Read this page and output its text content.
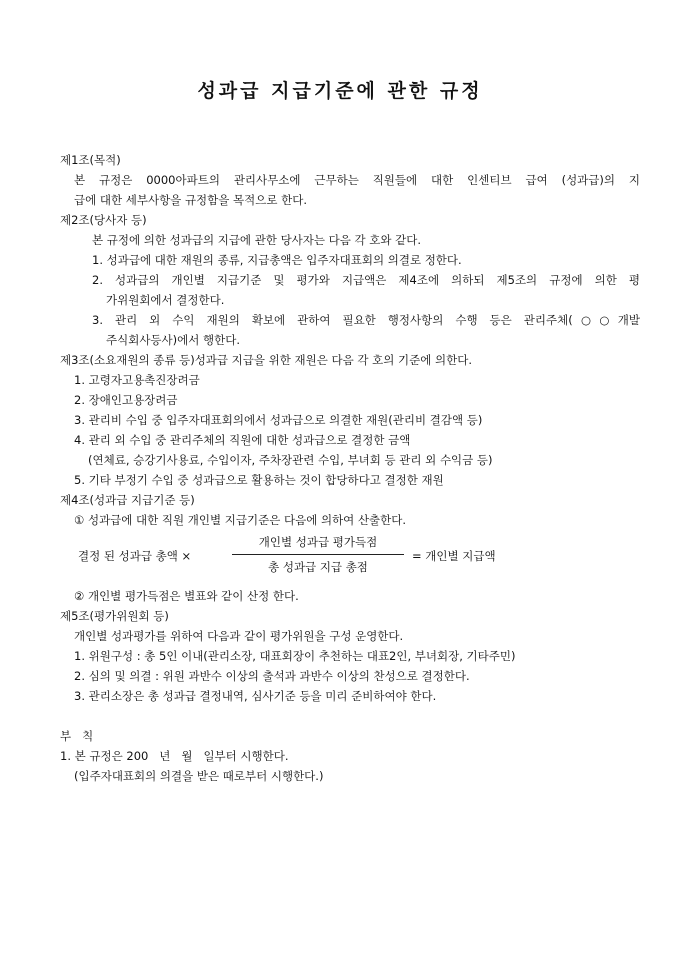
성과급 지급기준에 관한 규정
제1조(목적)
본 규정은 0000아파트의 관리사무소에 근무하는 직원들에 대한 인센티브 급여 (성과급)의 지
급에 대한 세부사항을 규정함을 목적으로 한다.
제2조(당사자 등)
본 규정에 의한 성과급의 지급에 관한 당사자는 다음 각 호와 같다.
1. 성과급에 대한 재원의 종류, 지급총액은 입주자대표회의 의결로 정한다.
2. 성과급의 개인별 지급기준 및 평가와 지급액은 제4조에 의하되 제5조의 규정에 의한 평
가위원회에서 결정한다.
3. 관리 외 수익 재원의 확보에 관하여 필요한 행정사항의 수행 등은 관리주체(○○개발
주식회사등사)에서 행한다.
제3조(소요재원의 종류 등)성과급 지급을 위한 재원은 다음 각 호의 기준에 의한다.
1. 고령자고용촉진장려금
2. 장애인고용장려금
3. 관리비 수입 중 입주자대표회의에서 성과급으로 의결한 재원(관리비 결감액 등)
4. 관리 외 수입 중 관리주체의 직원에 대한 성과급으로 결정한 금액
(연체료, 승강기사용료, 수입이자, 주차장관련 수입, 부녀회 등 관리 외 수익금 등)
5. 기타 부정기 수입 중 성과급으로 활용하는 것이 합당하다고 결정한 재원
제4조(성과급 지급기준 등)
① 성과급에 대한 직원 개인별 지급기준은 다음에 의하여 산출한다.
결정 된 성과급 총액 ×
개인별 성과급 평가득점
총 성과급 지급 총점
= 개인별 지급액
② 개인별 평가득점은 별표와 같이 산정 한다.
제5조(평가위원회 등)
개인별 성과평가를 위하여 다음과 같이 평가위원을 구성 운영한다.
1. 위원구성 : 총 5인 이내(관리소장, 대표회장이 추천하는 대표2인, 부녀회장, 기타주민)
2. 심의 및 의결 : 위원 과반수 이상의 출석과 과반수 이상의 찬성으로 결정한다.
3. 관리소장은 총 성과급 결정내역, 심사기준 등을 미리 준비하여야 한다.
부   칙
1. 본 규정은 200   년   월   일부터 시행한다.
(입주자대표회의 의결을 받은 때로부터 시행한다.)
